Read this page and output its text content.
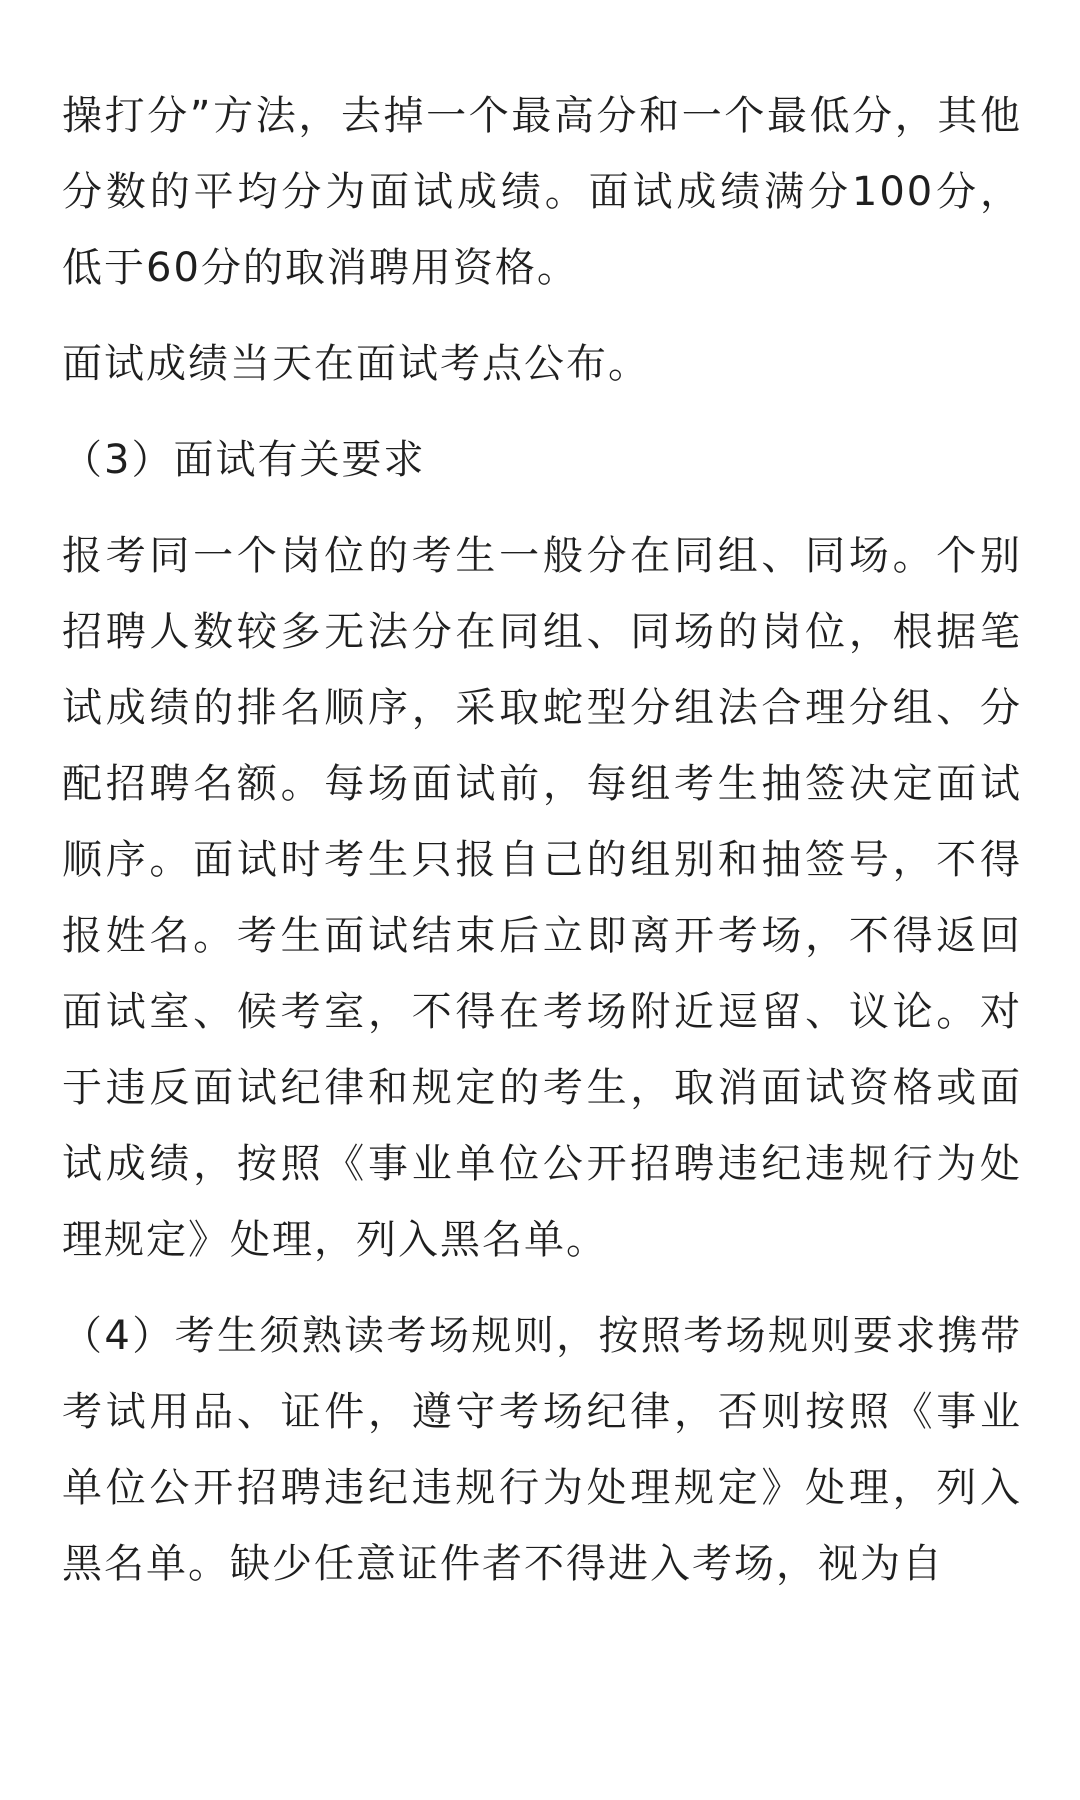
操打分”方法，去掉一个最高分和一个最低分，其他分数的平均分为面试成绩。面试成绩满分100分，低于60分的取消聘用资格。

面试成绩当天在面试考点公布。

（3）面试有关要求

报考同一个岗位的考生一般分在同组、同场。个别招聘人数较多无法分在同组、同场的岗位，根据笔试成绩的排名顺序，采取蛇型分组法合理分组、分配招聘名额。每场面试前，每组考生抽签决定面试顺序。面试时考生只报自己的组别和抽签号，不得报姓名。考生面试结束后立即离开考场，不得返回面试室、候考室，不得在考场附近逗留、议论。对于违反面试纪律和规定的考生，取消面试资格或面试成绩，按照《事业单位公开招聘违纪违规行为处理规定》处理，列入黑名单。

（4）考生须熟读考场规则，按照考场规则要求携带考试用品、证件，遵守考场纪律，否则按照《事业单位公开招聘违纪违规行为处理规定》处理，列入黑名单。缺少任意证件者不得进入考场，视为自
